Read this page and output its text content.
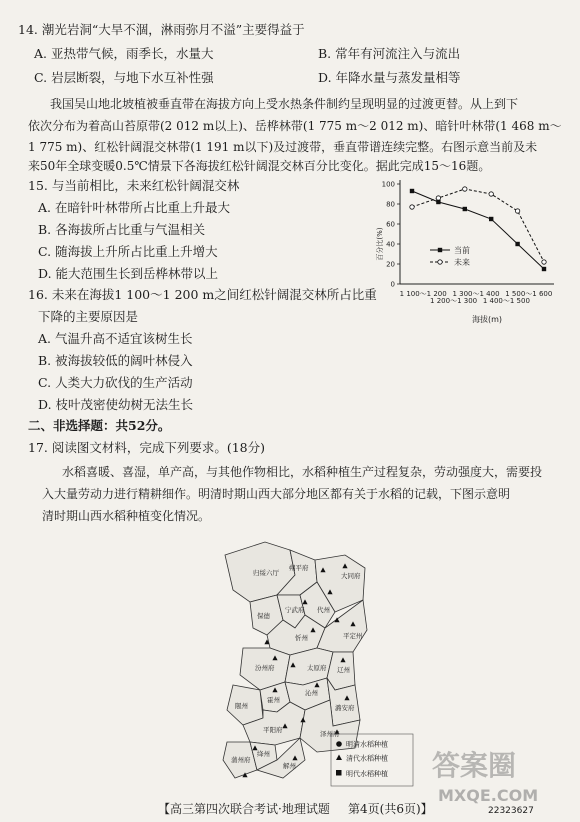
14. 潮光岩洞“大旱不涸，淋雨弥月不溢”主要得益于
A. 亚热带气候，雨季长，水量大	B. 常年有河流注入与流出
C. 岩层断裂，与地下水互补性强	D. 年降水量与蒸发量相等
我国吴山地北坡植被垂直带在海拔方向上受水热条件制约呈现明显的过渡更替。从上到下
依次分布为着高山苔原带(2 012 m以上)、岳桦林带(1 775 m～2 012 m)、暗针叶林带(1 468 m～
1 775 m)、红松针阔混交林带(1 191 m以下)及过渡带，垂直带谱连续完整。右图示意当前及未
来50年全球变暖0.5℃情景下各海拔红松针阔混交林百分比变化。据此完成15～16题。
15. 与当前相比，未来红松针阔混交林
A. 在暗针叶林带所占比重上升最大
B. 各海拔所占比重与气温相关
C. 随海拔上升所占比重上升增大
D. 能大范围生长到岳桦林带以上
16. 未来在海拔1 100～1 200 m之间红松针阔混交林所占比重
下降的主要原因是
A. 气温升高不适宜该树生长
B. 被海拔较低的阔叶林侵入
C. 人类大力砍伐的生产活动
D. 枝叶茂密使幼树无法生长
二、非选择题：共52分。
17. 阅读图文材料，完成下列要求。(18分)
水稻喜暖、喜湿，单产高，与其他作物相比，水稻种植生产过程复杂，劳动强度大，需要投
入大量劳动力进行精耕细作。明清时期山西大部分地区都有关于水稻的记载，下图示意明
清时期山西水稻种植变化情况。
百分比(%)
0
20
40
60
80
100
1 100～1 200
1 200～1 300
1 300～1 400
1 400～1 500
1 500～1 600
当前
未来
海拔(m)
归绥六厅
朔平府
大同府
保德
宁武府 代州
忻州	平定州
汾州府	太原府 辽州
隰州
霍州
沁州
潞安府
平阳府	泽州府
蒲州府
绛州
解州
明清水稻种植
清代水稻种植
明代水稻种植 答案圈
MXQE.COM
【高三第四次联合考试·地理试题 第4页(共6页)】	22323627
